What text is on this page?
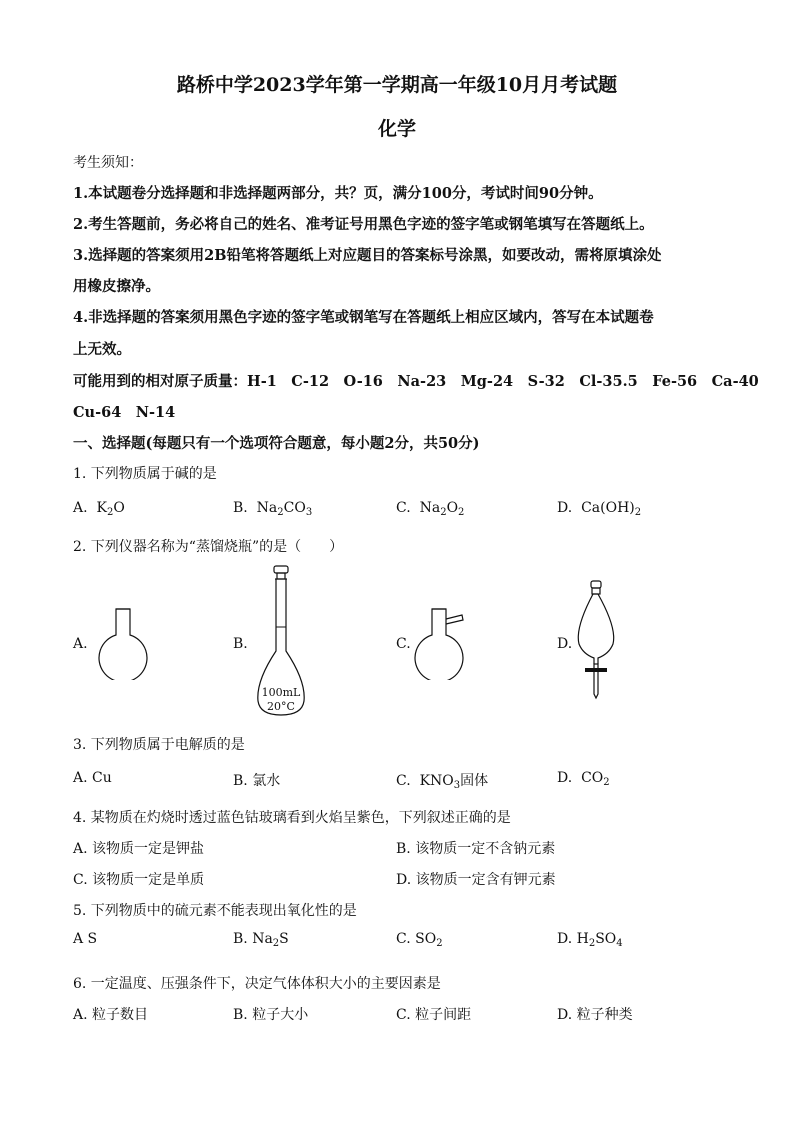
路桥中学2023学年第一学期高一年级10月月考试题
化学
考生须知：
1.本试题卷分选择题和非选择题两部分，共？页，满分100分，考试时间90分钟。
2.考生答题前，务必将自己的姓名、准考证号用黑色字迹的签字笔或钢笔填写在答题纸上。
3.选择题的答案须用2B铅笔将答题纸上对应题目的答案标号涂黑，如要改动，需将原填涂处
用橡皮擦净。
4.非选择题的答案须用黑色字迹的签字笔或钢笔写在答题纸上相应区域内，答写在本试题卷
上无效。
可能用到的相对原子质量：H-1　C-12　O-16　Na-23　Mg-24　S-32　Cl-35.5　Fe-56　Ca-40
Cu-64　N-14
一、选择题(每题只有一个选项符合题意，每小题2分，共50分)
1. 下列物质属于碱的是
A. $K_2O$	B. $Na_2CO_3$	C. $Na_2O_2$	D. $Ca(OH)_2$
2. 下列仪器名称为“蒸馏烧瓶”的是（　　）
A.	B.
100mL
20°C
C.	D.
3. 下列物质属于电解质的是
A. Cu	B. 氯水	C. $KNO_3$固体	D. $CO_2$
4. 某物质在灼烧时透过蓝色钴玻璃看到火焰呈紫色，下列叙述正确的是
A. 该物质一定是钾盐	B. 该物质一定不含钠元素
C. 该物质一定是单质	D. 该物质一定含有钾元素
5. 下列物质中的硫元素不能表现出氧化性的是
A S	B. $Na_2S$	C. $SO_2$	D. $H_2SO_4$
6. 一定温度、压强条件下，决定气体体积大小的主要因素是
A. 粒子数目	B. 粒子大小	C. 粒子间距	D. 粒子种类
